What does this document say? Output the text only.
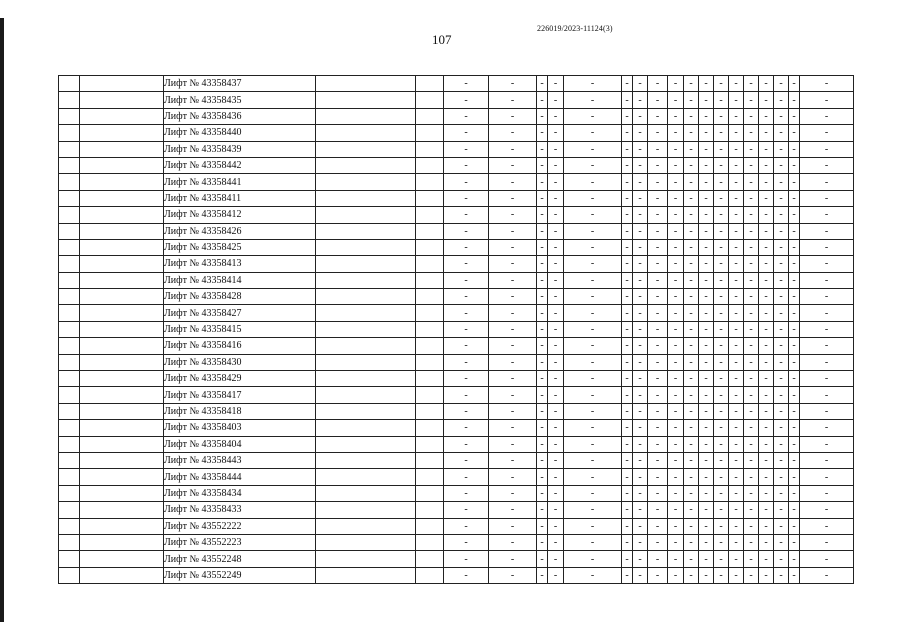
107
226019/2023-11124(3)
		Лифт № 43358437			-	-	-	-	-	-	-	-	-	-	-	-	-	-	-	-	-	-
		Лифт № 43358435			-	-	-	-	-	-	-	-	-	-	-	-	-	-	-	-	-	-
		Лифт № 43358436			-	-	-	-	-	-	-	-	-	-	-	-	-	-	-	-	-	-
		Лифт № 43358440			-	-	-	-	-	-	-	-	-	-	-	-	-	-	-	-	-	-
		Лифт № 43358439			-	-	-	-	-	-	-	-	-	-	-	-	-	-	-	-	-	-
		Лифт № 43358442			-	-	-	-	-	-	-	-	-	-	-	-	-	-	-	-	-	-
		Лифт № 43358441			-	-	-	-	-	-	-	-	-	-	-	-	-	-	-	-	-	-
		Лифт № 43358411			-	-	-	-	-	-	-	-	-	-	-	-	-	-	-	-	-	-
		Лифт № 43358412			-	-	-	-	-	-	-	-	-	-	-	-	-	-	-	-	-	-
		Лифт № 43358426			-	-	-	-	-	-	-	-	-	-	-	-	-	-	-	-	-	-
		Лифт № 43358425			-	-	-	-	-	-	-	-	-	-	-	-	-	-	-	-	-	-
		Лифт № 43358413			-	-	-	-	-	-	-	-	-	-	-	-	-	-	-	-	-	-
		Лифт № 43358414			-	-	-	-	-	-	-	-	-	-	-	-	-	-	-	-	-	-
		Лифт № 43358428			-	-	-	-	-	-	-	-	-	-	-	-	-	-	-	-	-	-
		Лифт № 43358427			-	-	-	-	-	-	-	-	-	-	-	-	-	-	-	-	-	-
		Лифт № 43358415			-	-	-	-	-	-	-	-	-	-	-	-	-	-	-	-	-	-
		Лифт № 43358416			-	-	-	-	-	-	-	-	-	-	-	-	-	-	-	-	-	-
		Лифт № 43358430			-	-	-	-	-	-	-	-	-	-	-	-	-	-	-	-	-	-
		Лифт № 43358429			-	-	-	-	-	-	-	-	-	-	-	-	-	-	-	-	-	-
		Лифт № 43358417			-	-	-	-	-	-	-	-	-	-	-	-	-	-	-	-	-	-
		Лифт № 43358418			-	-	-	-	-	-	-	-	-	-	-	-	-	-	-	-	-	-
		Лифт № 43358403			-	-	-	-	-	-	-	-	-	-	-	-	-	-	-	-	-	-
		Лифт № 43358404			-	-	-	-	-	-	-	-	-	-	-	-	-	-	-	-	-	-
		Лифт № 43358443			-	-	-	-	-	-	-	-	-	-	-	-	-	-	-	-	-	-
		Лифт № 43358444			-	-	-	-	-	-	-	-	-	-	-	-	-	-	-	-	-	-
		Лифт № 43358434			-	-	-	-	-	-	-	-	-	-	-	-	-	-	-	-	-	-
		Лифт № 43358433			-	-	-	-	-	-	-	-	-	-	-	-	-	-	-	-	-	-
		Лифт № 43552222			-	-	-	-	-	-	-	-	-	-	-	-	-	-	-	-	-	-
		Лифт № 43552223			-	-	-	-	-	-	-	-	-	-	-	-	-	-	-	-	-	-
		Лифт № 43552248			-	-	-	-	-	-	-	-	-	-	-	-	-	-	-	-	-	-
		Лифт № 43552249			-	-	-	-	-	-	-	-	-	-	-	-	-	-	-	-	-	-
